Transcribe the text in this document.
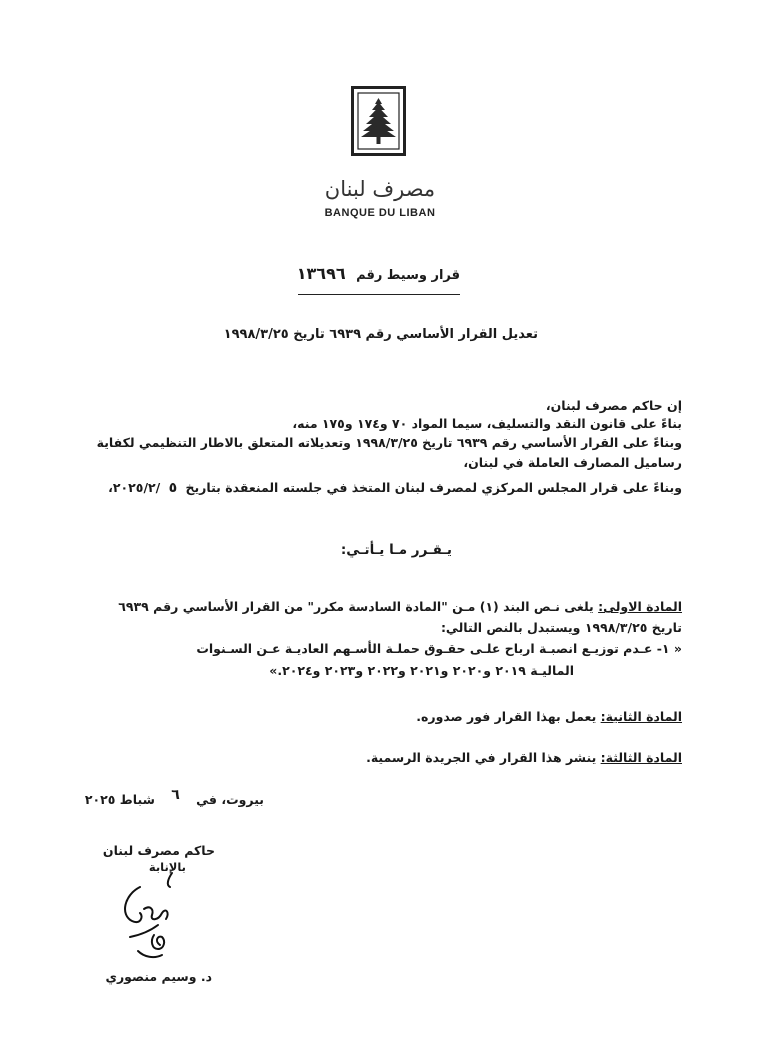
مصرف لبنان
BANQUE DU LIBAN
قرار وسيط رقم ١٣٦٩٦
تعديل القرار الأساسي رقم ٦٩٣٩ تاريخ ١٩٩٨/٣/٢٥
إن حاكم مصرف لبنان،
بناءً على قانون النقد والتسليف، سيما المواد ٧٠ و١٧٤ و١٧٥ منه،
وبناءً على القرار الأساسي رقم ٦٩٣٩ تاريخ ١٩٩٨/٣/٢٥ وتعديلاته المتعلق بالاطار التنظيمي لكفاية
رساميل المصارف العاملة في لبنان،
وبناءً على قرار المجلس المركزي لمصرف لبنان المتخذ في جلسته المنعقدة بتاريخ ٥ /٢٠٢٥/٢،
يـقـرر مـا يـأتـي:
المادة الاولى: يلغى نـص البند (١) مـن "المادة السادسة مكرر" من القرار الأساسي رقم ٦٩٣٩
تاريخ ١٩٩٨/٣/٢٥ ويستبدل بالنص التالي:
« ١- عـدم توزيـع انصبـة ارباح علـى حقـوق حملـة الأسـهم العاديـة عـن السـنوات
الماليـة ٢٠١٩ و٢٠٢٠ و٢٠٢١ و٢٠٢٢ و٢٠٢٣ و٢٠٢٤.»
المادة الثانية: يعمل بهذا القرار فور صدوره.
المادة الثالثة: ينشر هذا القرار في الجريدة الرسمية.
بيروت، في ٦ شباط ٢٠٢٥
حاكم مصرف لبنان
بالإنابة
د. وسيم منصوري
